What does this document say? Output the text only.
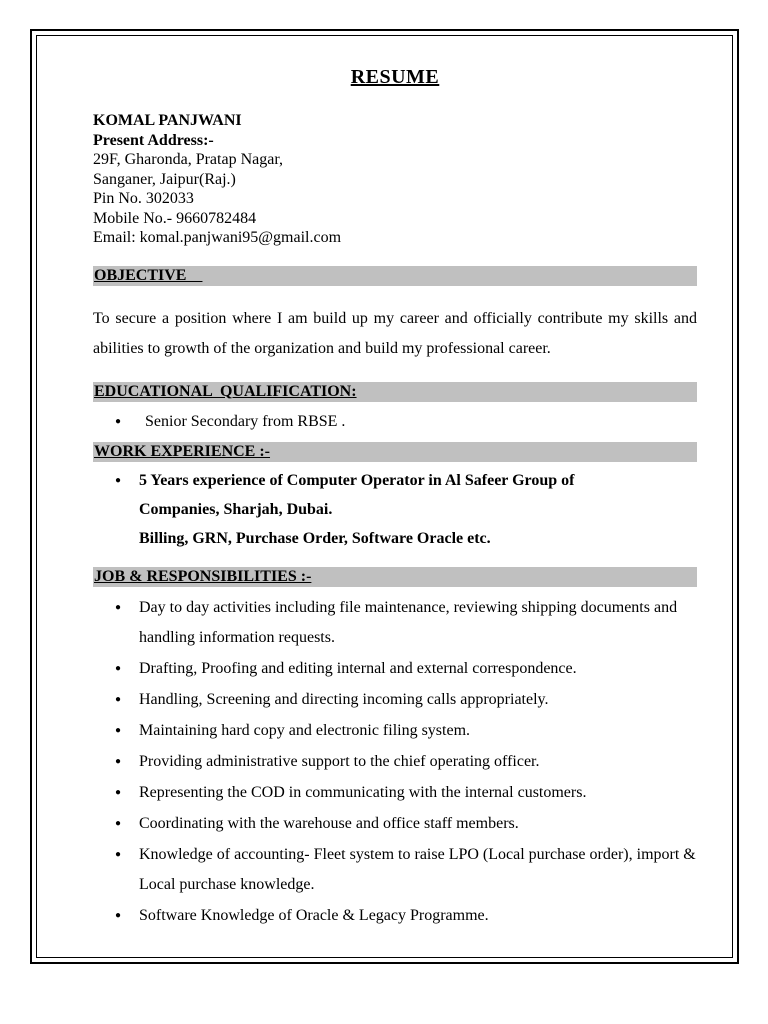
RESUME
KOMAL PANJWANI
Present Address:-
29F, Gharonda, Pratap Nagar,
Sanganer, Jaipur(Raj.)
Pin No. 302033
Mobile No.- 9660782484
Email: komal.panjwani95@gmail.com
OBJECTIVE
To secure a position where I am build up my career and officially contribute my skills and abilities to growth of the organization and build my professional career.
EDUCATIONAL  QUALIFICATION:
● Senior Secondary from RBSE .
WORK EXPERIENCE :-
● 5 Years experience of Computer Operator in Al Safeer Group of
Companies, Sharjah, Dubai.
Billing, GRN, Purchase Order, Software Oracle etc.
JOB & RESPONSIBILITIES :-
● Day to day activities including file maintenance, reviewing shipping documents and handling information requests.
● Drafting, Proofing and editing internal and external correspondence.
● Handling, Screening and directing incoming calls appropriately.
● Maintaining hard copy and electronic filing system.
● Providing administrative support to the chief operating officer.
● Representing the COD in communicating with the internal customers.
● Coordinating with the warehouse and office staff members.
● Knowledge of accounting- Fleet system to raise LPO (Local purchase order), import & Local purchase knowledge.
● Software Knowledge of Oracle & Legacy Programme.
